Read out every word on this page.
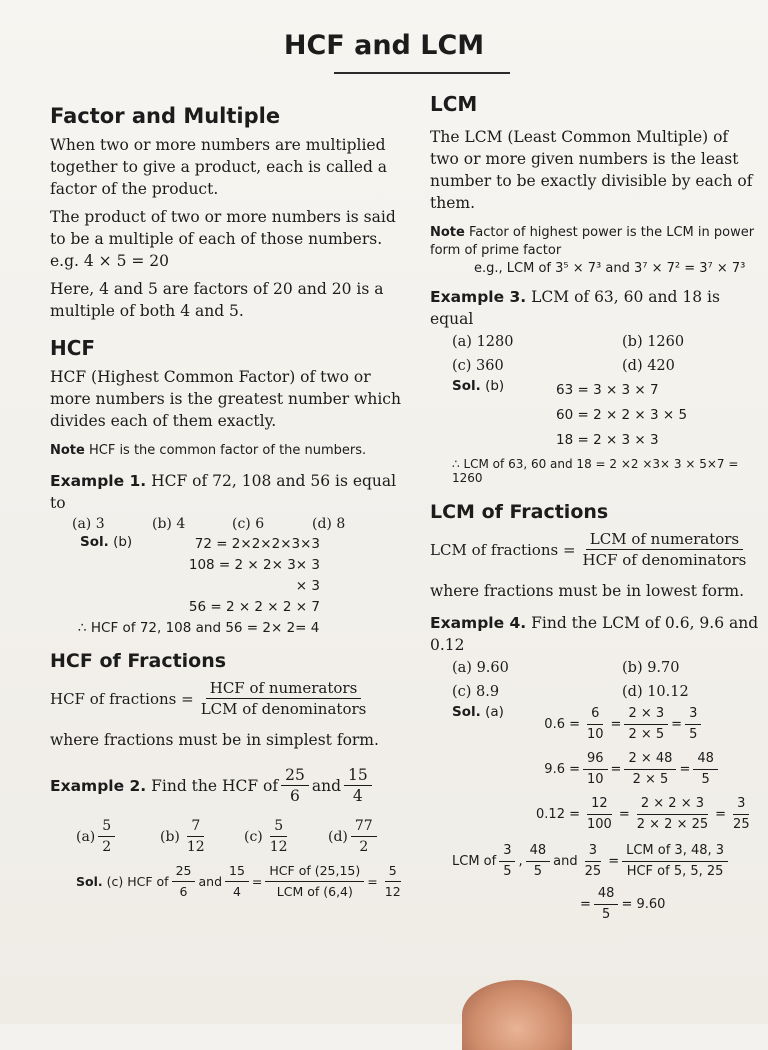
HCF and LCM
Factor and Multiple

When two or more numbers are multiplied together to give a product, each is called a factor of the product.

The product of two or more numbers is said to be a multiple of each of those numbers. e.g. 4 × 5 = 20

Here, 4 and 5 are factors of 20 and 20 is a multiple of both 4 and 5.

HCF

HCF (Highest Common Factor) of two or more numbers is the greatest number which divides each of them exactly.

Note HCF is the common factor of the numbers.
Example 1. HCF of 72, 108 and 56 is equal to
(a) 3	(b) 4	(c) 6	(d) 8
Sol. (b)	72 = 2×2×2×3×3
108 = 2 × 2× 3× 3 × 3
56 = 2 × 2 × 2 × 7
∴ HCF of 72, 108 and 56 = 2× 2= 4
HCF of Fractions
HCF of fractions = $\frac{\text{HCF of numerators}}{\text{LCM of denominators}}$

where fractions must be in simplest form.

Example 2.
Find the HCF of $\frac{25}{6}$ and $\frac{15}{4}$
$(a) \frac{5}{2}$	$(b) \frac{7}{12}$	$(c) \frac{5}{12}$	$(d) \frac{77}{2}$
Sol.
(c)
HCF of $\frac{25}{6}$ and $\frac{15}{4} = \frac{\text{HCF of (25,15)}}{\text{LCM of (6,4)}} = \frac{5}{12}$
LCM

The LCM (Least Common Multiple) of two or more given numbers is the least number to be exactly divisible by each of them.

Note Factor of highest power is the LCM in power form of prime factor
e.g., LCM of 3⁵ × 7³ and 3⁷ × 7² = 3⁷ × 7³
Example 3. LCM of 63, 60 and 18 is equal
(a) 1280	(b) 1260
(c) 360	(d) 420
Sol. (b)	63 = 3 × 3 × 7
60 = 2 × 2 × 3 × 5
18 = 2 × 3 × 3
∴ LCM of 63, 60 and 18 = 2 ×2 ×3× 3 × 5×7 = 1260
LCM of Fractions
LCM of fractions = $\frac{\text{LCM of numerators}}{\text{HCF of denominators}}$

where fractions must be in lowest form.

Example 4. Find the LCM of 0.6, 9.6 and 0.12
(a) 9.60	(b) 9.70
(c) 8.9	(d) 10.12
Sol. (a)
$0.6 = \frac{6}{10} = \frac{2 \times 3}{2 \times 5} = \frac{3}{5}$
$9.6 = \frac{96}{10} = \frac{2 \times 48}{2 \times 5} = \frac{48}{5}$
$0.12 = \frac{12}{100} = \frac{2 \times 2 \times 3}{2 \times 2 \times 25} = \frac{3}{25}$
LCM of $\frac{3}{5}$ , $\frac{48}{5}$ and $\frac{3}{25} = \frac{\text{LCM of 3, 48, 3}}{\text{HCF of 5, 5, 25}}$
= $\frac{48}{5} = 9.60$
